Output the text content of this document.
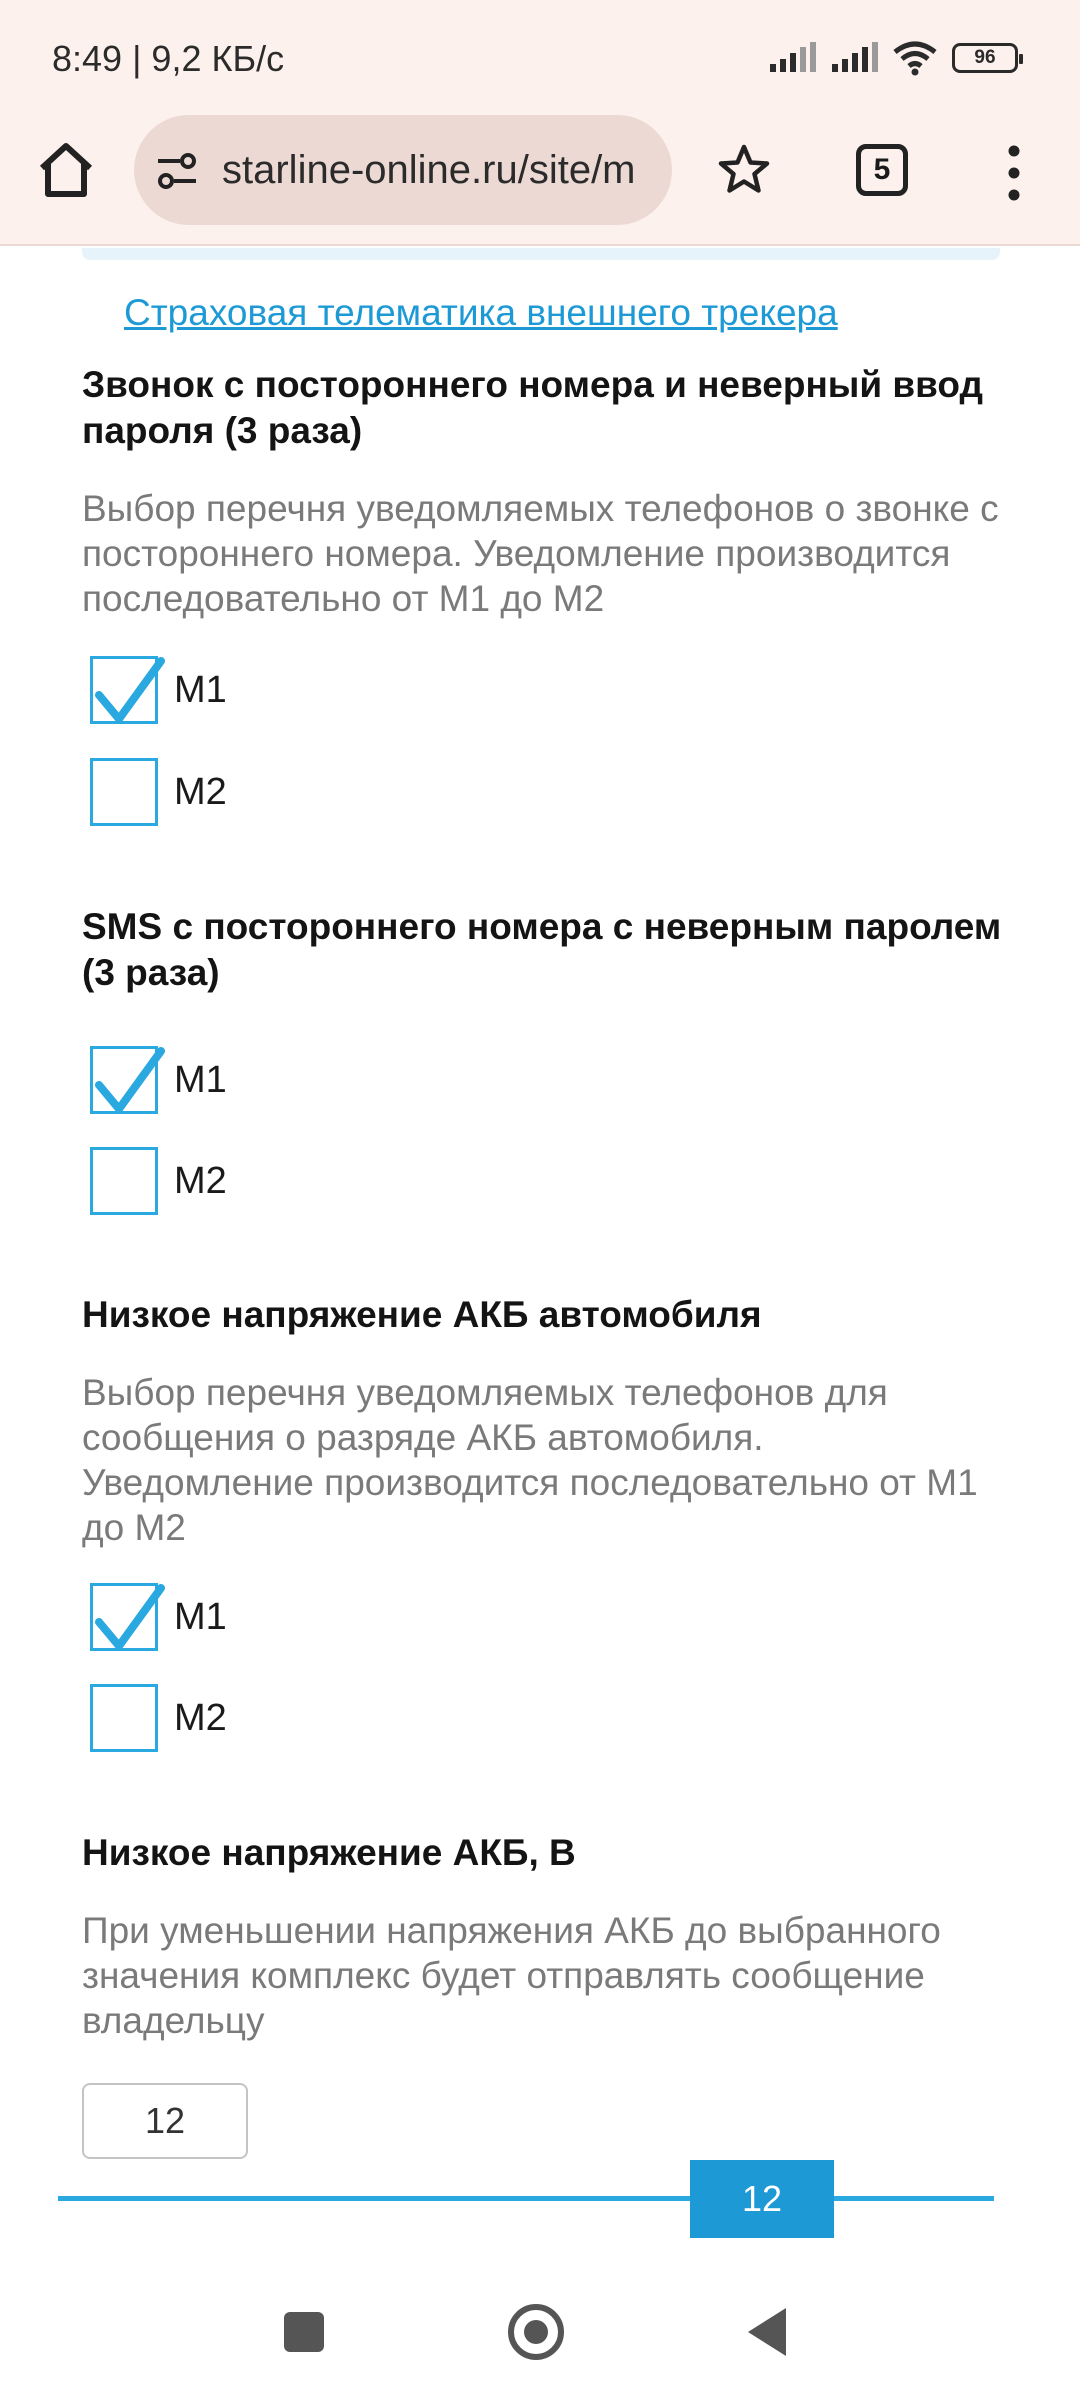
8:49 | 9,2 КБ/с	96
starline-online.ru/site/m	5
Страховая телематика внешнего трекера
Звонок с постороннего номера и неверный ввод пароля (3 раза)
Выбор перечня уведомляемых телефонов о звонке с постороннего номера. Уведомление производится последовательно от М1 до М2
М1
М2
SMS с постороннего номера с неверным паролем (3 раза)
М1
М2
Низкое напряжение АКБ автомобиля
Выбор перечня уведомляемых телефонов для сообщения о разряде АКБ автомобиля. Уведомление производится последовательно от М1 до М2
М1
М2
Низкое напряжение АКБ, В
При уменьшении напряжения АКБ до выбранного значения комплекс будет отправлять сообщение владельцу
12
12
